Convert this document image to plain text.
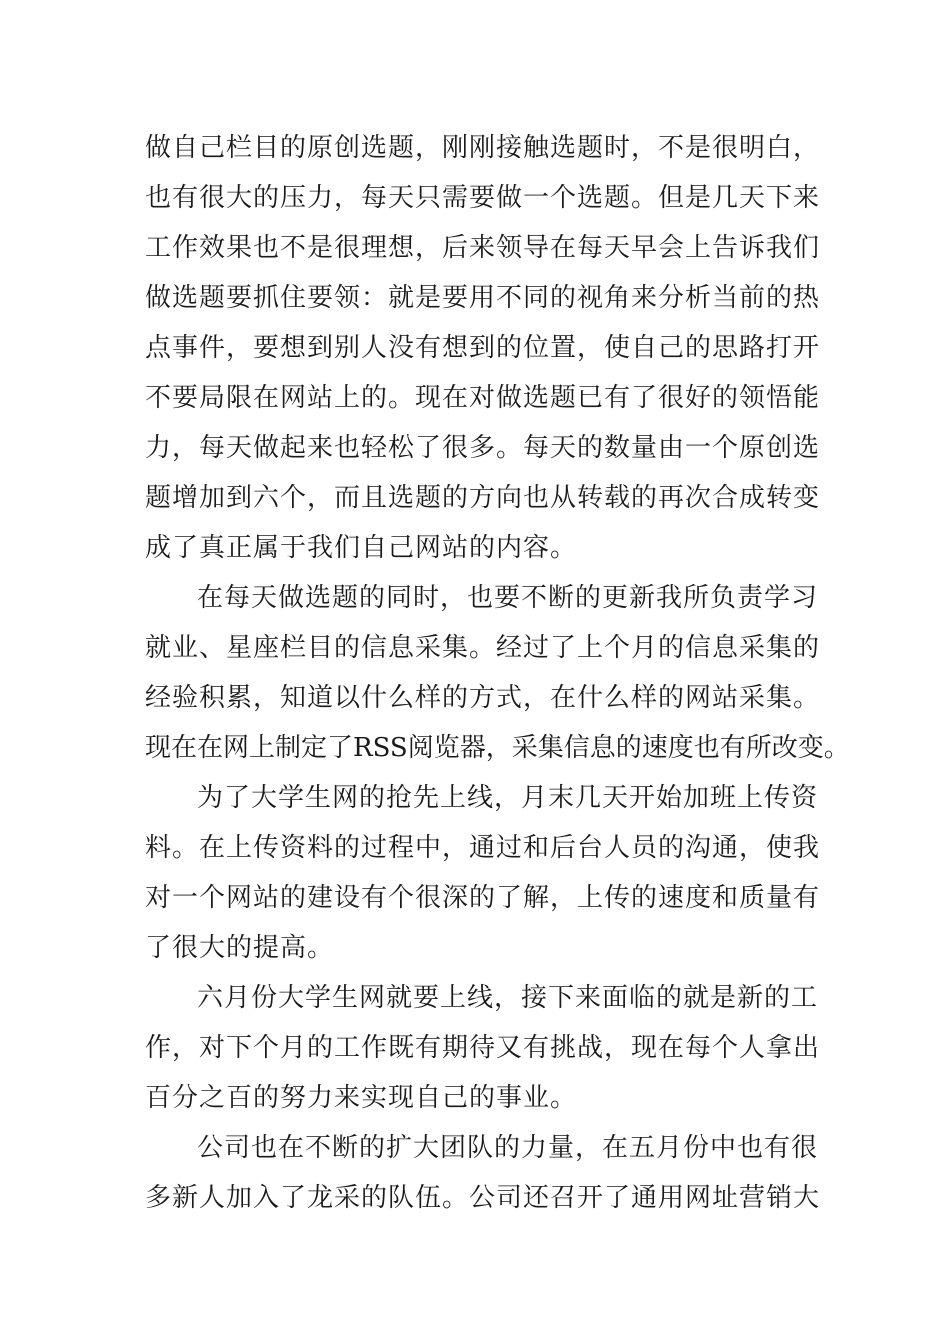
做自己栏目的原创选题，刚刚接触选题时，不是很明白，
也有很大的压力，每天只需要做一个选题。但是几天下来
工作效果也不是很理想，后来领导在每天早会上告诉我们
做选题要抓住要领：就是要用不同的视角来分析当前的热
点事件，要想到别人没有想到的位置，使自己的思路打开
不要局限在网站上的。现在对做选题已有了很好的领悟能
力，每天做起来也轻松了很多。每天的数量由一个原创选
题增加到六个，而且选题的方向也从转载的再次合成转变
成了真正属于我们自己网站的内容。
在每天做选题的同时，也要不断的更新我所负责学习
就业、星座栏目的信息采集。经过了上个月的信息采集的
经验积累，知道以什么样的方式，在什么样的网站采集。
现在在网上制定了RSS阅览器，采集信息的速度也有所改变。
为了大学生网的抢先上线，月末几天开始加班上传资
料。在上传资料的过程中，通过和后台人员的沟通，使我
对一个网站的建设有个很深的了解，上传的速度和质量有
了很大的提高。
六月份大学生网就要上线，接下来面临的就是新的工
作，对下个月的工作既有期待又有挑战，现在每个人拿出
百分之百的努力来实现自己的事业。
公司也在不断的扩大团队的力量，在五月份中也有很
多新人加入了龙采的队伍。公司还召开了通用网址营销大
